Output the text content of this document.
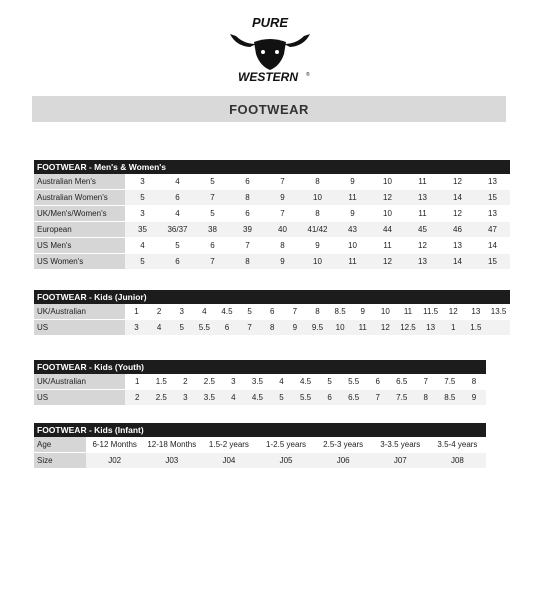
PURE
WESTERN ®
FOOTWEAR
FOOTWEAR - Men's & Women's
Australian Men's	3	4	5	6	7	8	9	10	11	12	13
Australian Women's	5	6	7	8	9	10	11	12	13	14	15
UK/Men's/Women's	3	4	5	6	7	8	9	10	11	12	13
European	35	36/37	38	39	40	41/42	43	44	45	46	47
US Men's	4	5	6	7	8	9	10	11	12	13	14
US Women's	5	6	7	8	9	10	11	12	13	14	15
FOOTWEAR - Kids (Junior)
UK/Australian	1	2	3	4	4.5	5	6	7	8	8.5	9	10	11	11.5	12	13	13.5
US	3	4	5	5.5	6	7	8	9	9.5	10	11	12	12.5	13	1	1.5	
FOOTWEAR - Kids (Youth)
UK/Australian	1	1.5	2	2.5	3	3.5	4	4.5	5	5.5	6	6.5	7	7.5	8
US	2	2.5	3	3.5	4	4.5	5	5.5	6	6.5	7	7.5	8	8.5	9
FOOTWEAR - Kids (Infant)
Age	6-12 Months	12-18 Months	1.5-2 years	1-2.5 years	2.5-3 years	3-3.5 years	3.5-4 years
Size	J02	J03	J04	J05	J06	J07	J08
